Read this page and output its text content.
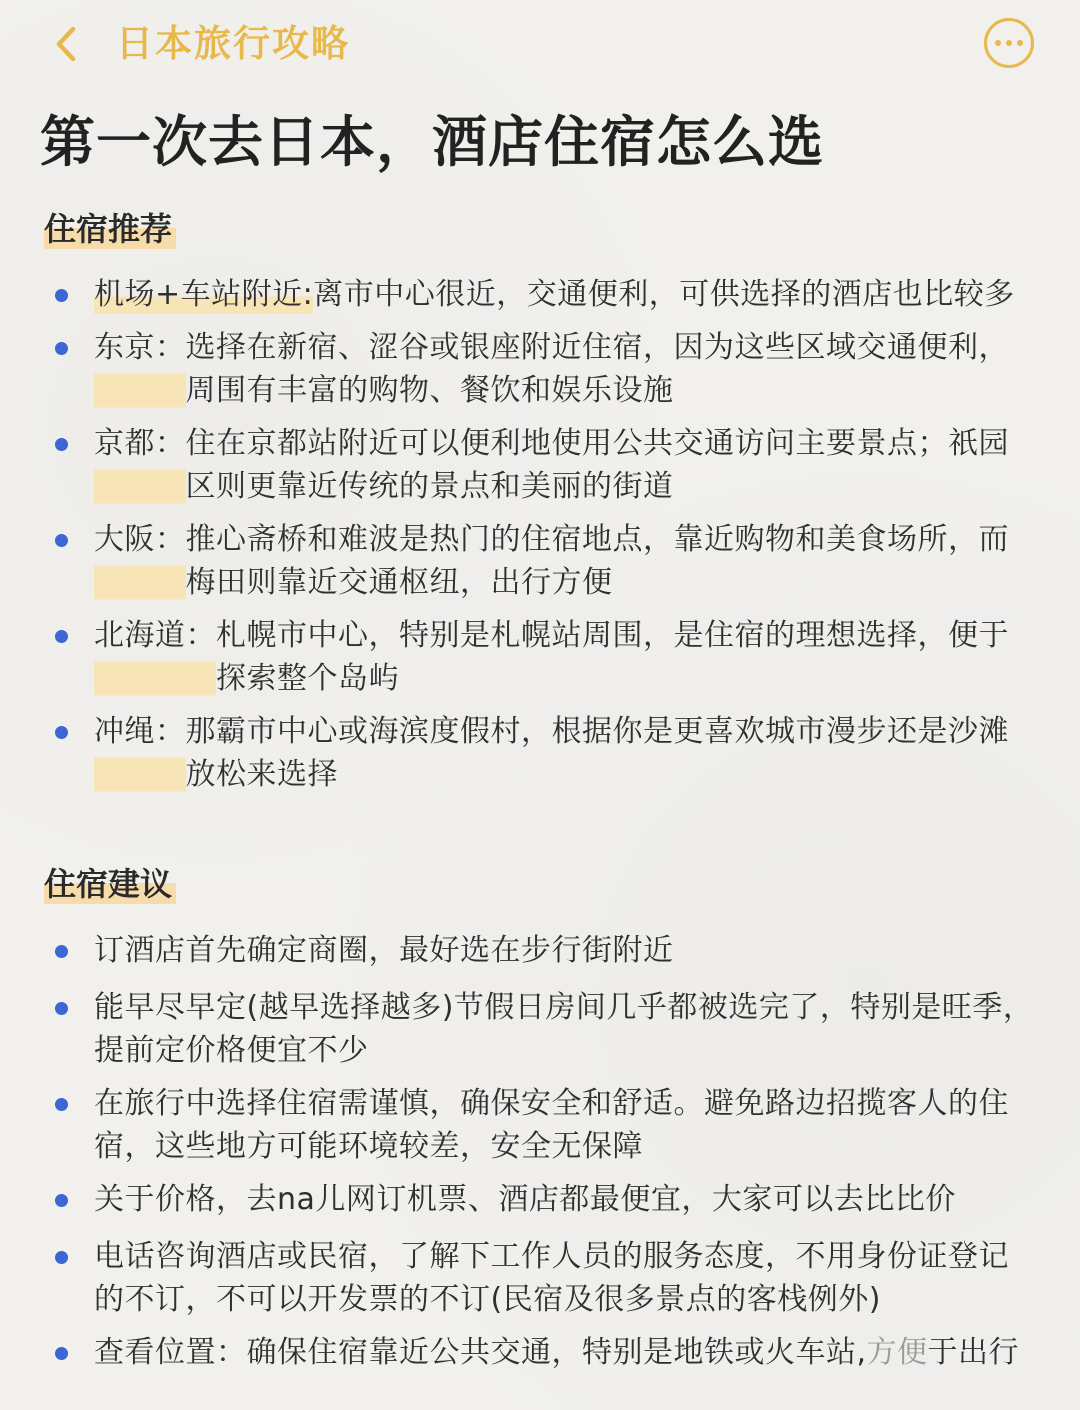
日本旅行攻略
第一次去日本，酒店住宿怎么选
住宿推荐
机场+车站附近: 离市中心很近，交通便利，可供选择的酒店也比较多
东京： 选择在新宿、涩谷或银座附近住宿，因为这些区域交通便利，周围有丰富的购物、餐饮和娱乐设施
京都： 住在京都站附近可以便利地使用公共交通访问主要景点；祇园区则更靠近传统的景点和美丽的街道
大阪： 推心斋桥和难波是热门的住宿地点，靠近购物和美食场所，而梅田则靠近交通枢纽，出行方便
北海道： 札幌市中心，特别是札幌站周围，是住宿的理想选择，便于探索整个岛屿
冲绳： 那霸市中心或海滨度假村，根据你是更喜欢城市漫步还是沙滩放松来选择
住宿建议
订酒店首先确定商圈，最好选在步行街附近
能早尽早定(越早选择越多)节假日房间几乎都被选完了，特别是旺季，提前定价格便宜不少
在旅行中选择住宿需谨慎，确保安全和舒适。避免路边招揽客人的住宿，这些地方可能环境较差，安全无保障
关于价格，去na儿网订机票、酒店都最便宜，大家可以去比比价
电话咨询酒店或民宿，了解下工作人员的服务态度，不用身份证登记的不订，不可以开发票的不订(民宿及很多景点的客栈例外)
查看位置：确保住宿靠近公共交通，特别是地铁或火车站,方便于出行
